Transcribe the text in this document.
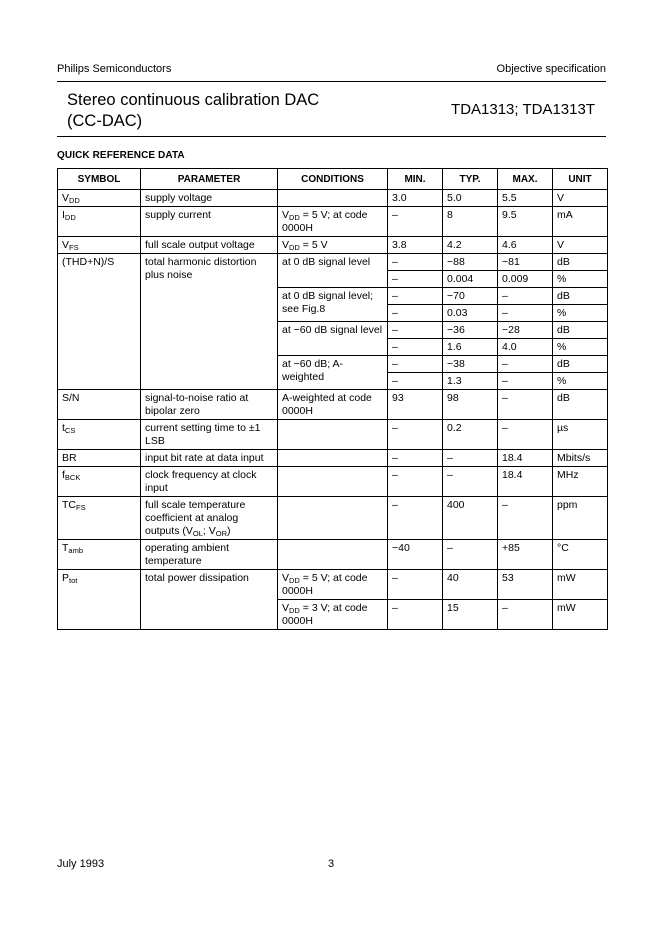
Philips Semiconductors	Objective specification
Stereo continuous calibration DAC
(CC-DAC)
TDA1313; TDA1313T
QUICK REFERENCE DATA
SYMBOL	PARAMETER	CONDITIONS	MIN.	TYP.	MAX.	UNIT
$V_{DD}$	supply voltage		3.0	5.0	5.5	V
$I_{DD}$	supply current	$V_{DD} = 5$ V; at code 0000H	–	8	9.5	mA
$V_{FS}$	full scale output voltage	$V_{DD} = 5$ V	3.8	4.2	4.6	V
(THD+N)/S	total harmonic distortion plus noise	at 0 dB signal level	–	−88	−81	dB
			–	0.004	0.009	%
		at 0 dB signal level; see Fig.8	–	−70	–	dB
			–	0.03	–	%
		at −60 dB signal level	–	−36	−28	dB
			–	1.6	4.0	%
		at −60 dB; A-weighted	–	−38	–	dB
			–	1.3	–	%
S/N	signal-to-noise ratio at bipolar zero	A-weighted at code 0000H	93	98	–	dB
$t_{CS}$	current setting time to ±1 LSB		–	0.2	–	µs
BR	input bit rate at data input		–	–	18.4	Mbits/s
$f_{BCK}$	clock frequency at clock input		–	–	18.4	MHz
$TC_{FS}$	full scale temperature coefficient at analog outputs ($V_{OL}$; $V_{OR}$)		–	400	–	ppm
$T_{amb}$	operating ambient temperature		−40	–	+85	°C
$P_{tot}$	total power dissipation	$V_{DD} = 5$ V; at code 0000H	–	40	53	mW
		$V_{DD} = 3$ V; at code 0000H	–	15	–	mW
July 1993	3
